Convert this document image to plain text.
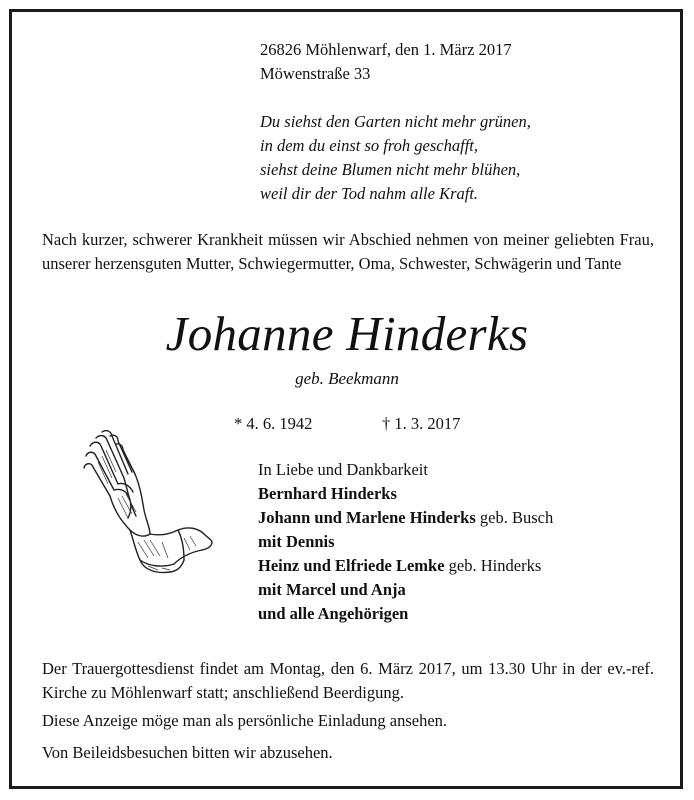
26826 Möhlenwarf, den 1. März 2017

Möwenstraße 33

Du siehst den Garten nicht mehr grünen,

in dem du einst so froh geschafft,

siehst deine Blumen nicht mehr blühen,

weil dir der Tod nahm alle Kraft.

Nach kurzer, schwerer Krankheit müssen wir Abschied nehmen von meiner geliebten Frau, unserer herzensguten Mutter, Schwiegermutter, Oma, Schwester, Schwägerin und Tante

Johanne Hinderks
geb. Beekmann
* 4. 6. 1942	† 1. 3. 2017

In Liebe und Dankbarkeit

Bernhard Hinderks

Johann und Marlene Hinderks geb. Busch

mit Dennis

Heinz und Elfriede Lemke geb. Hinderks

mit Marcel und Anja

und alle Angehörigen

Der Trauergottesdienst findet am Montag, den 6. März 2017, um 13.30 Uhr in der ev.-ref. Kirche zu Möhlenwarf statt; anschließend Beerdigung.

Diese Anzeige möge man als persönliche Einladung ansehen.

Von Beileidsbesuchen bitten wir abzusehen.
